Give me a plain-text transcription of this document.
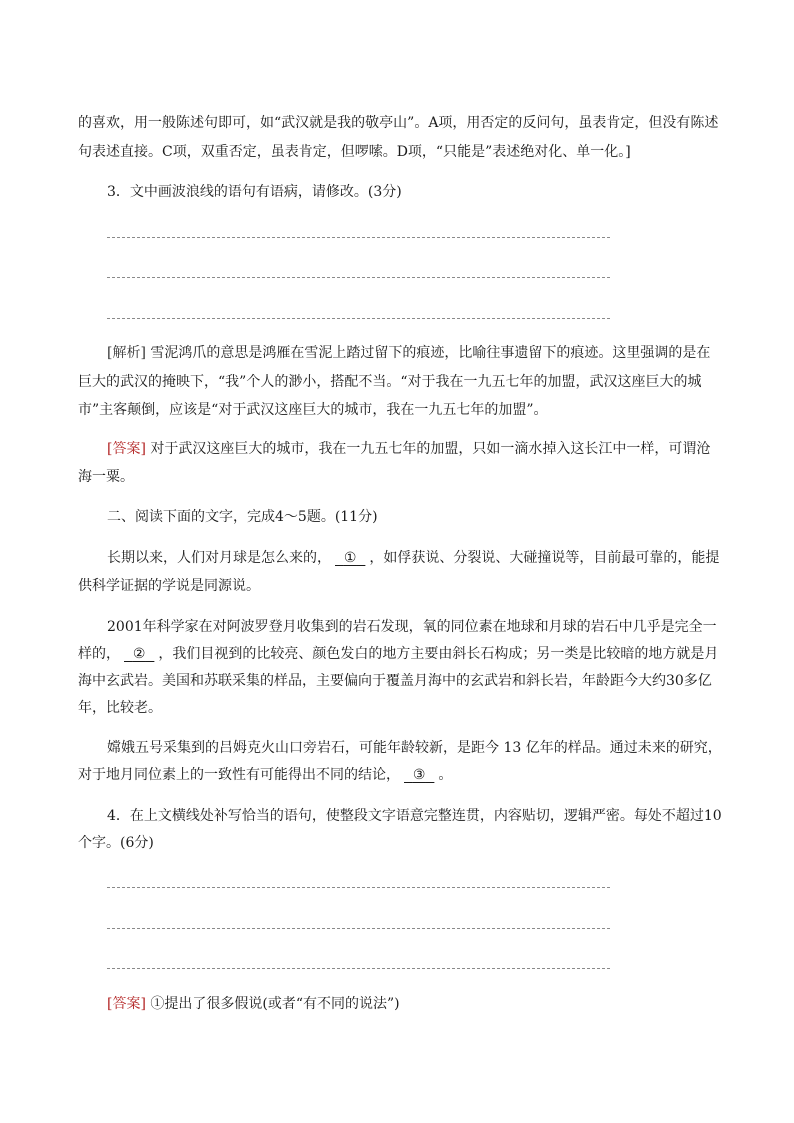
的喜欢，用一般陈述句即可，如“武汉就是我的敬亭山”。A项，用否定的反问句，虽表肯定，但没有陈述
句表述直接。C项，双重否定，虽表肯定，但啰嗦。D项，“只能是”表述绝对化、单一化。]
3．文中画波浪线的语句有语病，请修改。(3分)
[解析] 雪泥鸿爪的意思是鸿雁在雪泥上踏过留下的痕迹，比喻往事遗留下的痕迹。这里强调的是在
巨大的武汉的掩映下，“我”个人的渺小，搭配不当。“对于我在一九五七年的加盟，武汉这座巨大的城
市”主客颠倒，应该是“对于武汉这座巨大的城市，我在一九五七年的加盟”。
[答案] 对于武汉这座巨大的城市，我在一九五七年的加盟，只如一滴水掉入这长江中一样，可谓沧
海一粟。
二、阅读下面的文字，完成4～5题。(11分)
长期以来，人们对月球是怎么来的， ① ，如俘获说、分裂说、大碰撞说等，目前最可靠的，能提
供科学证据的学说是同源说。
2001年科学家在对阿波罗登月收集到的岩石发现，氧的同位素在地球和月球的岩石中几乎是完全一
样的， ② ，我们目视到的比较亮、颜色发白的地方主要由斜长石构成；另一类是比较暗的地方就是月
海中玄武岩。美国和苏联采集的样品，主要偏向于覆盖月海中的玄武岩和斜长岩，年龄距今大约30多亿
年，比较老。
嫦娥五号采集到的吕姆克火山口旁岩石，可能年龄较新，是距今 13 亿年的样品。通过未来的研究，
对于地月同位素上的一致性有可能得出不同的结论， ③ 。
4．在上文横线处补写恰当的语句，使整段文字语意完整连贯，内容贴切，逻辑严密。每处不超过10
个字。(6分)
[答案] ①提出了很多假说(或者“有不同的说法”)
